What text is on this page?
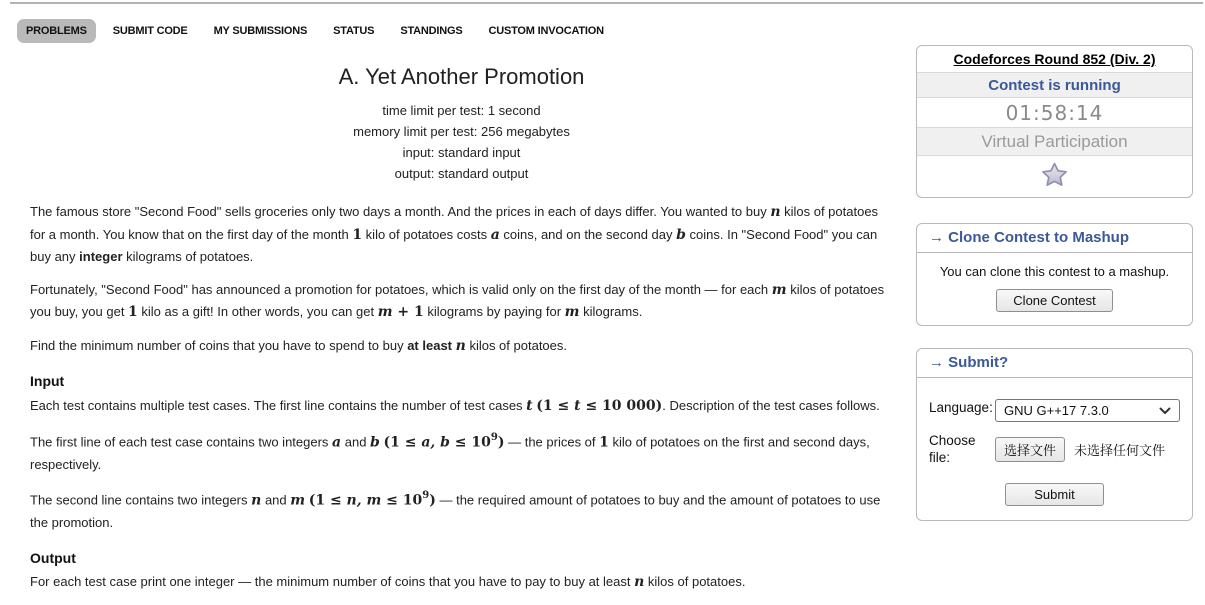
PROBLEMS	SUBMIT CODE	MY SUBMISSIONS	STATUS	STANDINGS	CUSTOM INVOCATION
A. Yet Another Promotion
time limit per test: 1 second
memory limit per test: 256 megabytes
input: standard input
output: standard output
The famous store "Second Food" sells groceries only two days a month. And the prices in each of days differ. You wanted to buy n kilos of potatoes for a month. You know that on the first day of the month 1 kilo of potatoes costs a coins, and on the second day b coins. In "Second Food" you can buy any integer kilograms of potatoes.
Fortunately, "Second Food" has announced a promotion for potatoes, which is valid only on the first day of the month — for each m kilos of potatoes you buy, you get 1 kilo as a gift! In other words, you can get m + 1 kilograms by paying for m kilograms.
Find the minimum number of coins that you have to spend to buy at least n kilos of potatoes.
Input
Each test contains multiple test cases. The first line contains the number of test cases t (1 ≤ t ≤ 10 000). Description of the test cases follows.
The first line of each test case contains two integers a and b (1 ≤ a, $b \le 10^9$) — the prices of 1 kilo of potatoes on the first and second days, respectively.
The second line contains two integers n and m (1 ≤ n, $m \le 10^9$) — the required amount of potatoes to buy and the amount of potatoes to use the promotion.
Output
For each test case print one integer — the minimum number of coins that you have to pay to buy at least n kilos of potatoes.
Codeforces Round 852 (Div. 2)
Contest is running
01:58:14
Virtual Participation
→ Clone Contest to Mashup
You can clone this contest to a mashup.
Clone Contest
→ Submit?
Language: GNU G++17 7.3.0
Choose file:	选择文件	未选择任何文件
Submit
